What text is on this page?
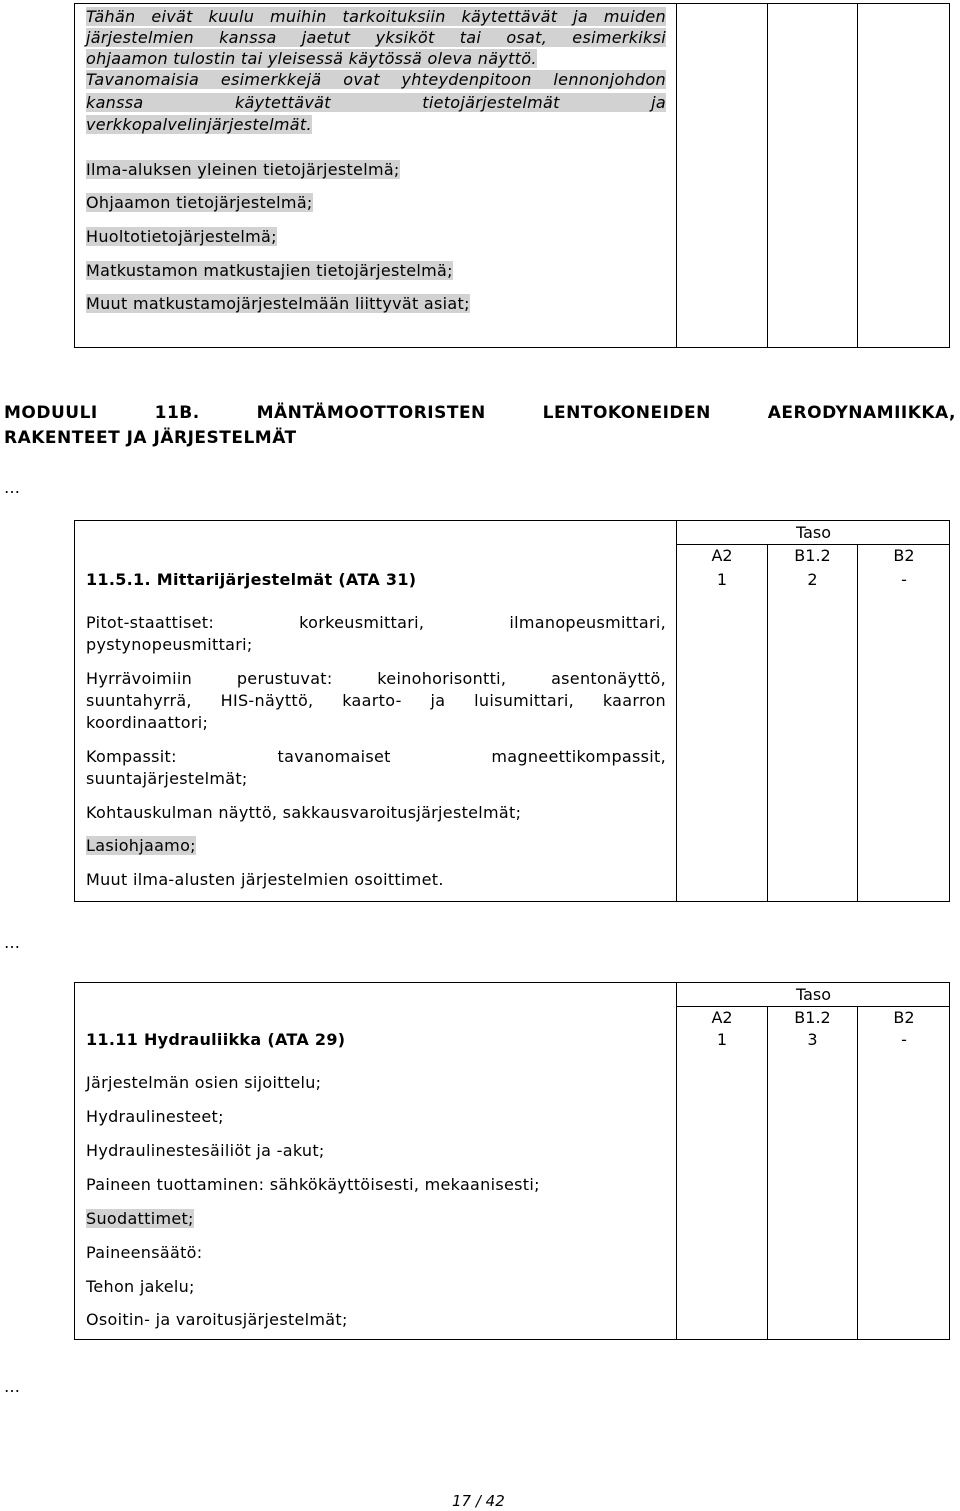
Tähän eivät kuulu muihin tarkoituksiin käytettävät ja muiden
järjestelmien kanssa jaetut yksiköt tai osat, esimerkiksi
ohjaamon tulostin tai yleisessä käytössä oleva näyttö.
Tavanomaisia esimerkkejä ovat yhteydenpitoon lennonjohdon
kanssa käytettävät tietojärjestelmät ja
verkkopalvelinjärjestelmät.
Ilma-aluksen yleinen tietojärjestelmä;
Ohjaamon tietojärjestelmä;
Huoltotietojärjestelmä;
Matkustamon matkustajien tietojärjestelmä;
Muut matkustamojärjestelmään liittyvät asiat;
MODUULI 11B. MÄNTÄMOOTTORISTEN LENTOKONEIDEN AERODYNAMIIKKA,
RAKENTEET JA JÄRJESTELMÄT
…
Taso
A2	B1.2	B2
11.5.1. Mittarijärjestelmät (ATA 31)	1	2	-
Pitot-staattiset: korkeusmittari, ilmanopeusmittari,
pystynopeusmittari;
Hyrrävoimiin perustuvat: keinohorisontti, asentonäyttö,
suuntahyrrä, HIS-näyttö, kaarto- ja luisumittari, kaarron
koordinaattori;
Kompassit: tavanomaiset magneettikompassit,
suuntajärjestelmät;
Kohtauskulman näyttö, sakkausvaroitusjärjestelmät;
Lasiohjaamo;
Muut ilma-alusten järjestelmien osoittimet.
…
Taso
A2	B1.2	B2
11.11 Hydrauliikka (ATA 29)	1	3	-
Järjestelmän osien sijoittelu;
Hydraulinesteet;
Hydraulinestesäiliöt ja -akut;
Paineen tuottaminen: sähkökäyttöisesti, mekaanisesti;
Suodattimet;
Paineensäätö:
Tehon jakelu;
Osoitin- ja varoitusjärjestelmät;
…
17 / 42
